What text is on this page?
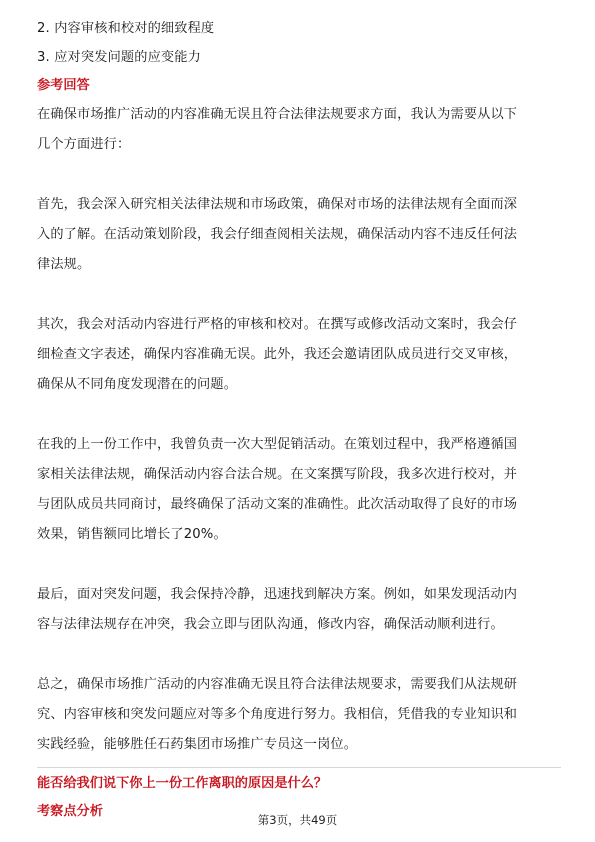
2. 内容审核和校对的细致程度
3. 应对突发问题的应变能力
参考回答
在确保市场推广活动的内容准确无误且符合法律法规要求方面，我认为需要从以下
几个方面进行：
首先，我会深入研究相关法律法规和市场政策，确保对市场的法律法规有全面而深
入的了解。在活动策划阶段，我会仔细查阅相关法规，确保活动内容不违反任何法
律法规。
其次，我会对活动内容进行严格的审核和校对。在撰写或修改活动文案时，我会仔
细检查文字表述，确保内容准确无误。此外，我还会邀请团队成员进行交叉审核，
确保从不同角度发现潜在的问题。
在我的上一份工作中，我曾负责一次大型促销活动。在策划过程中，我严格遵循国
家相关法律法规，确保活动内容合法合规。在文案撰写阶段，我多次进行校对，并
与团队成员共同商讨，最终确保了活动文案的准确性。此次活动取得了良好的市场
效果，销售额同比增长了20%。
最后，面对突发问题，我会保持冷静，迅速找到解决方案。例如，如果发现活动内
容与法律法规存在冲突，我会立即与团队沟通，修改内容，确保活动顺利进行。
总之，确保市场推广活动的内容准确无误且符合法律法规要求，需要我们从法规研
究、内容审核和突发问题应对等多个角度进行努力。我相信，凭借我的专业知识和
实践经验，能够胜任石药集团市场推广专员这一岗位。
能否给我们说下你上一份工作离职的原因是什么？
考察点分析
第3页，共49页
